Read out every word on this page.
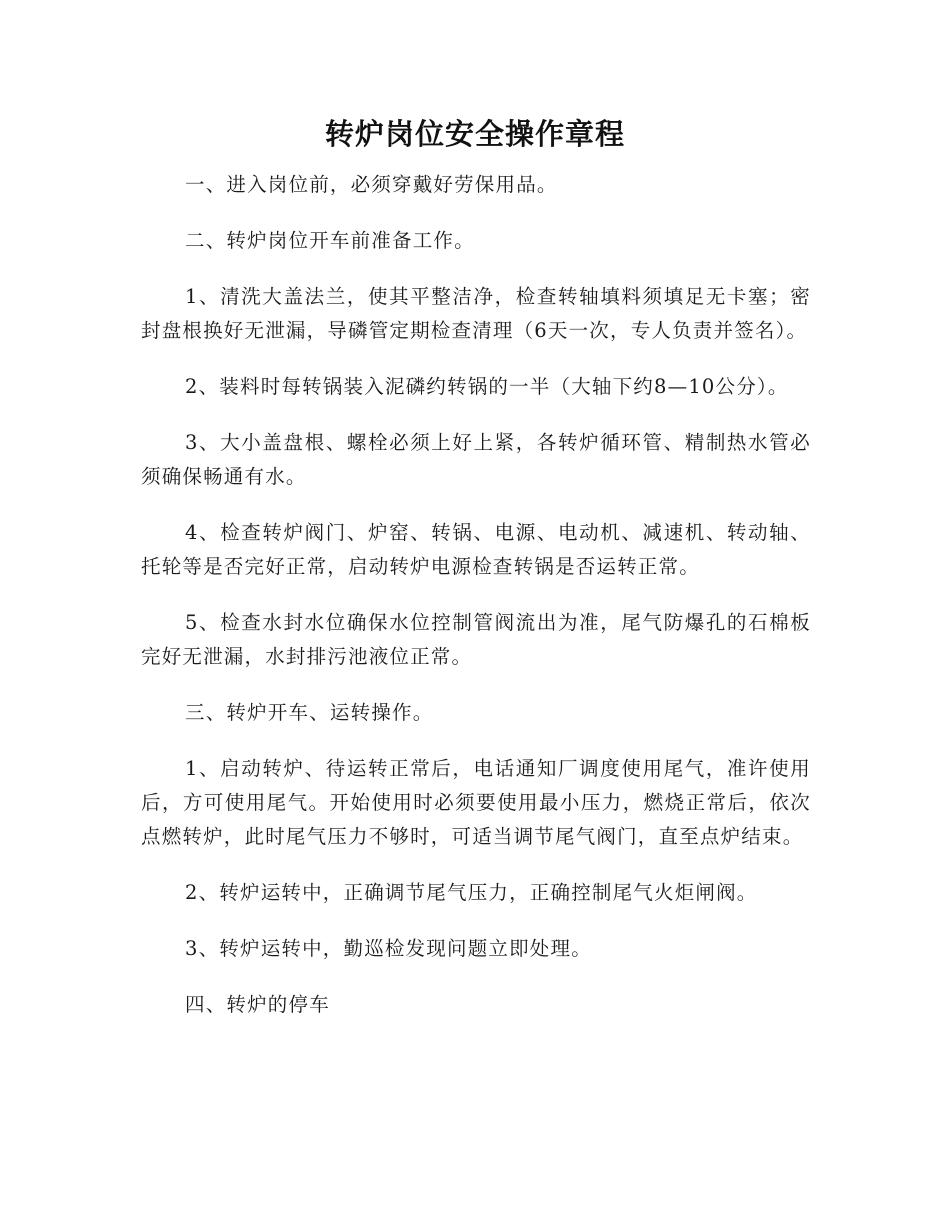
转炉岗位安全操作章程

一、进入岗位前，必须穿戴好劳保用品。

二、转炉岗位开车前准备工作。

1、清洗大盖法兰，使其平整洁净，检查转轴填料须填足无卡塞；密封盘根换好无泄漏，导磷管定期检查清理（6天一次，专人负责并签名）。

2、装料时每转锅装入泥磷约转锅的一半（大轴下约8—10公分）。

3、大小盖盘根、螺栓必须上好上紧，各转炉循环管、精制热水管必须确保畅通有水。

4、检查转炉阀门、炉窑、转锅、电源、电动机、减速机、转动轴、托轮等是否完好正常，启动转炉电源检查转锅是否运转正常。

5、检查水封水位确保水位控制管阀流出为准，尾气防爆孔的石棉板完好无泄漏，水封排污池液位正常。

三、转炉开车、运转操作。

1、启动转炉、待运转正常后，电话通知厂调度使用尾气，准许使用后，方可使用尾气。开始使用时必须要使用最小压力，燃烧正常后，依次点燃转炉，此时尾气压力不够时，可适当调节尾气阀门，直至点炉结束。

2、转炉运转中，正确调节尾气压力，正确控制尾气火炬闸阀。

3、转炉运转中，勤巡检发现问题立即处理。

四、转炉的停车
